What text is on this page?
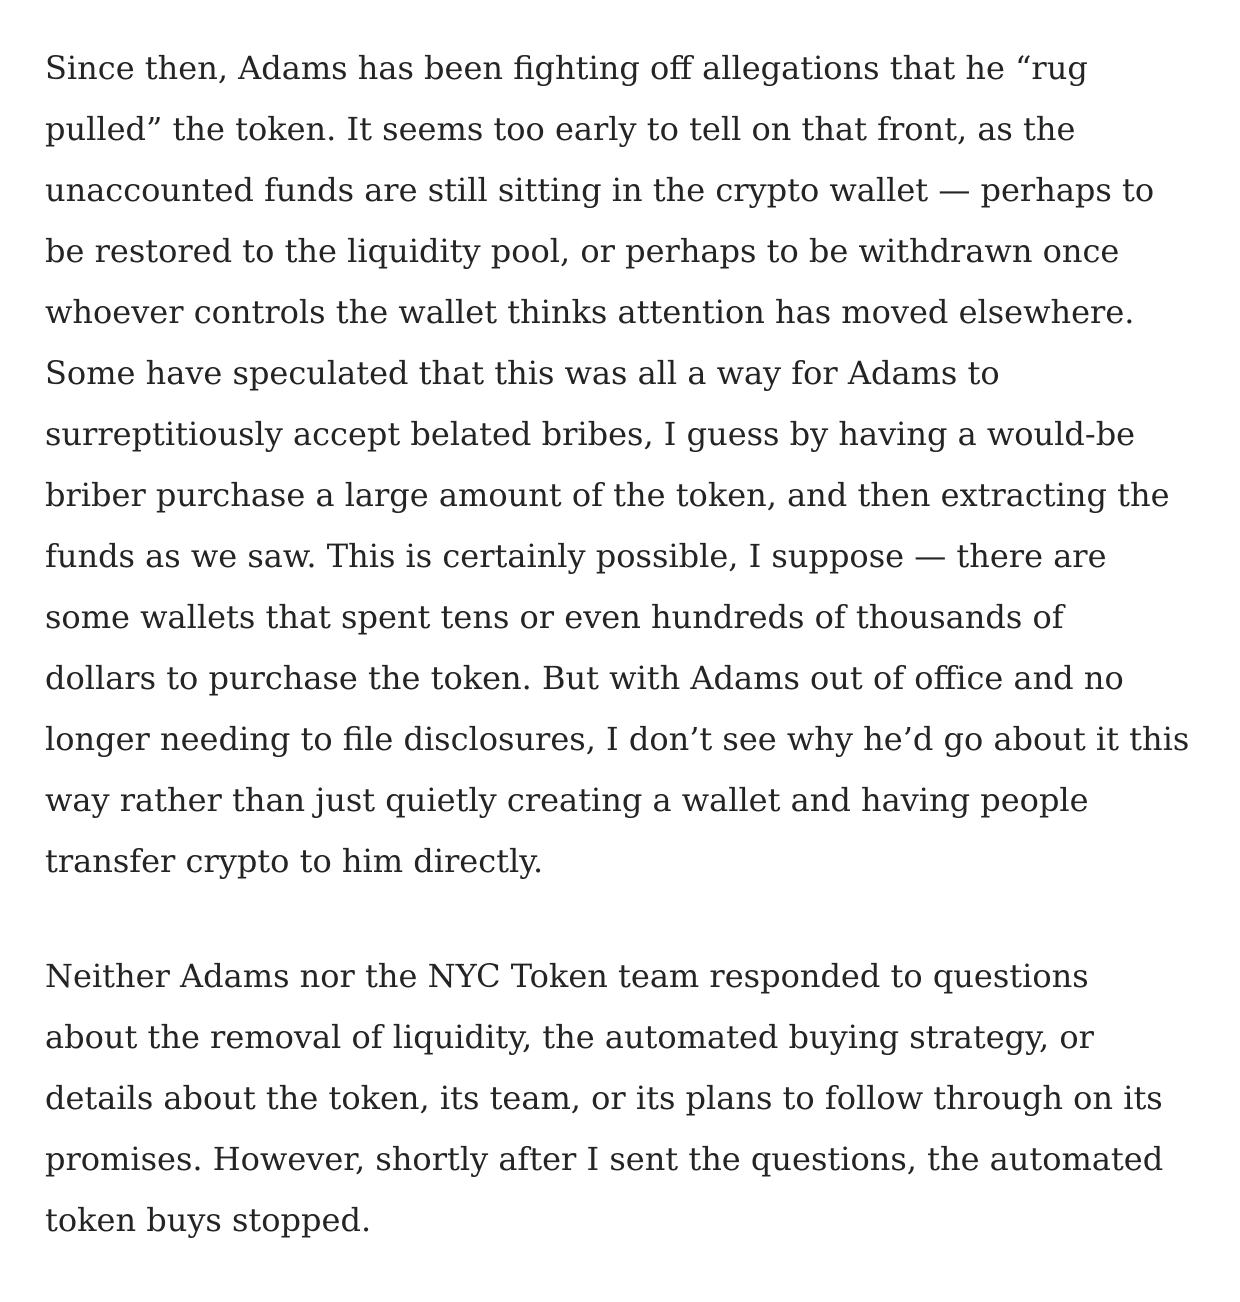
Since then, Adams has been fighting off allegations that he “rug
pulled” the token. It seems too early to tell on that front, as the
unaccounted funds are still sitting in the crypto wallet — perhaps to
be restored to the liquidity pool, or perhaps to be withdrawn once
whoever controls the wallet thinks attention has moved elsewhere.
Some have speculated that this was all a way for Adams to
surreptitiously accept belated bribes, I guess by having a would-be
briber purchase a large amount of the token, and then extracting the
funds as we saw. This is certainly possible, I suppose — there are
some wallets that spent tens or even hundreds of thousands of
dollars to purchase the token. But with Adams out of office and no
longer needing to file disclosures, I don’t see why he’d go about it this
way rather than just quietly creating a wallet and having people
transfer crypto to him directly.

Neither Adams nor the NYC Token team responded to questions
about the removal of liquidity, the automated buying strategy, or
details about the token, its team, or its plans to follow through on its
promises. However, shortly after I sent the questions, the automated
token buys stopped.
